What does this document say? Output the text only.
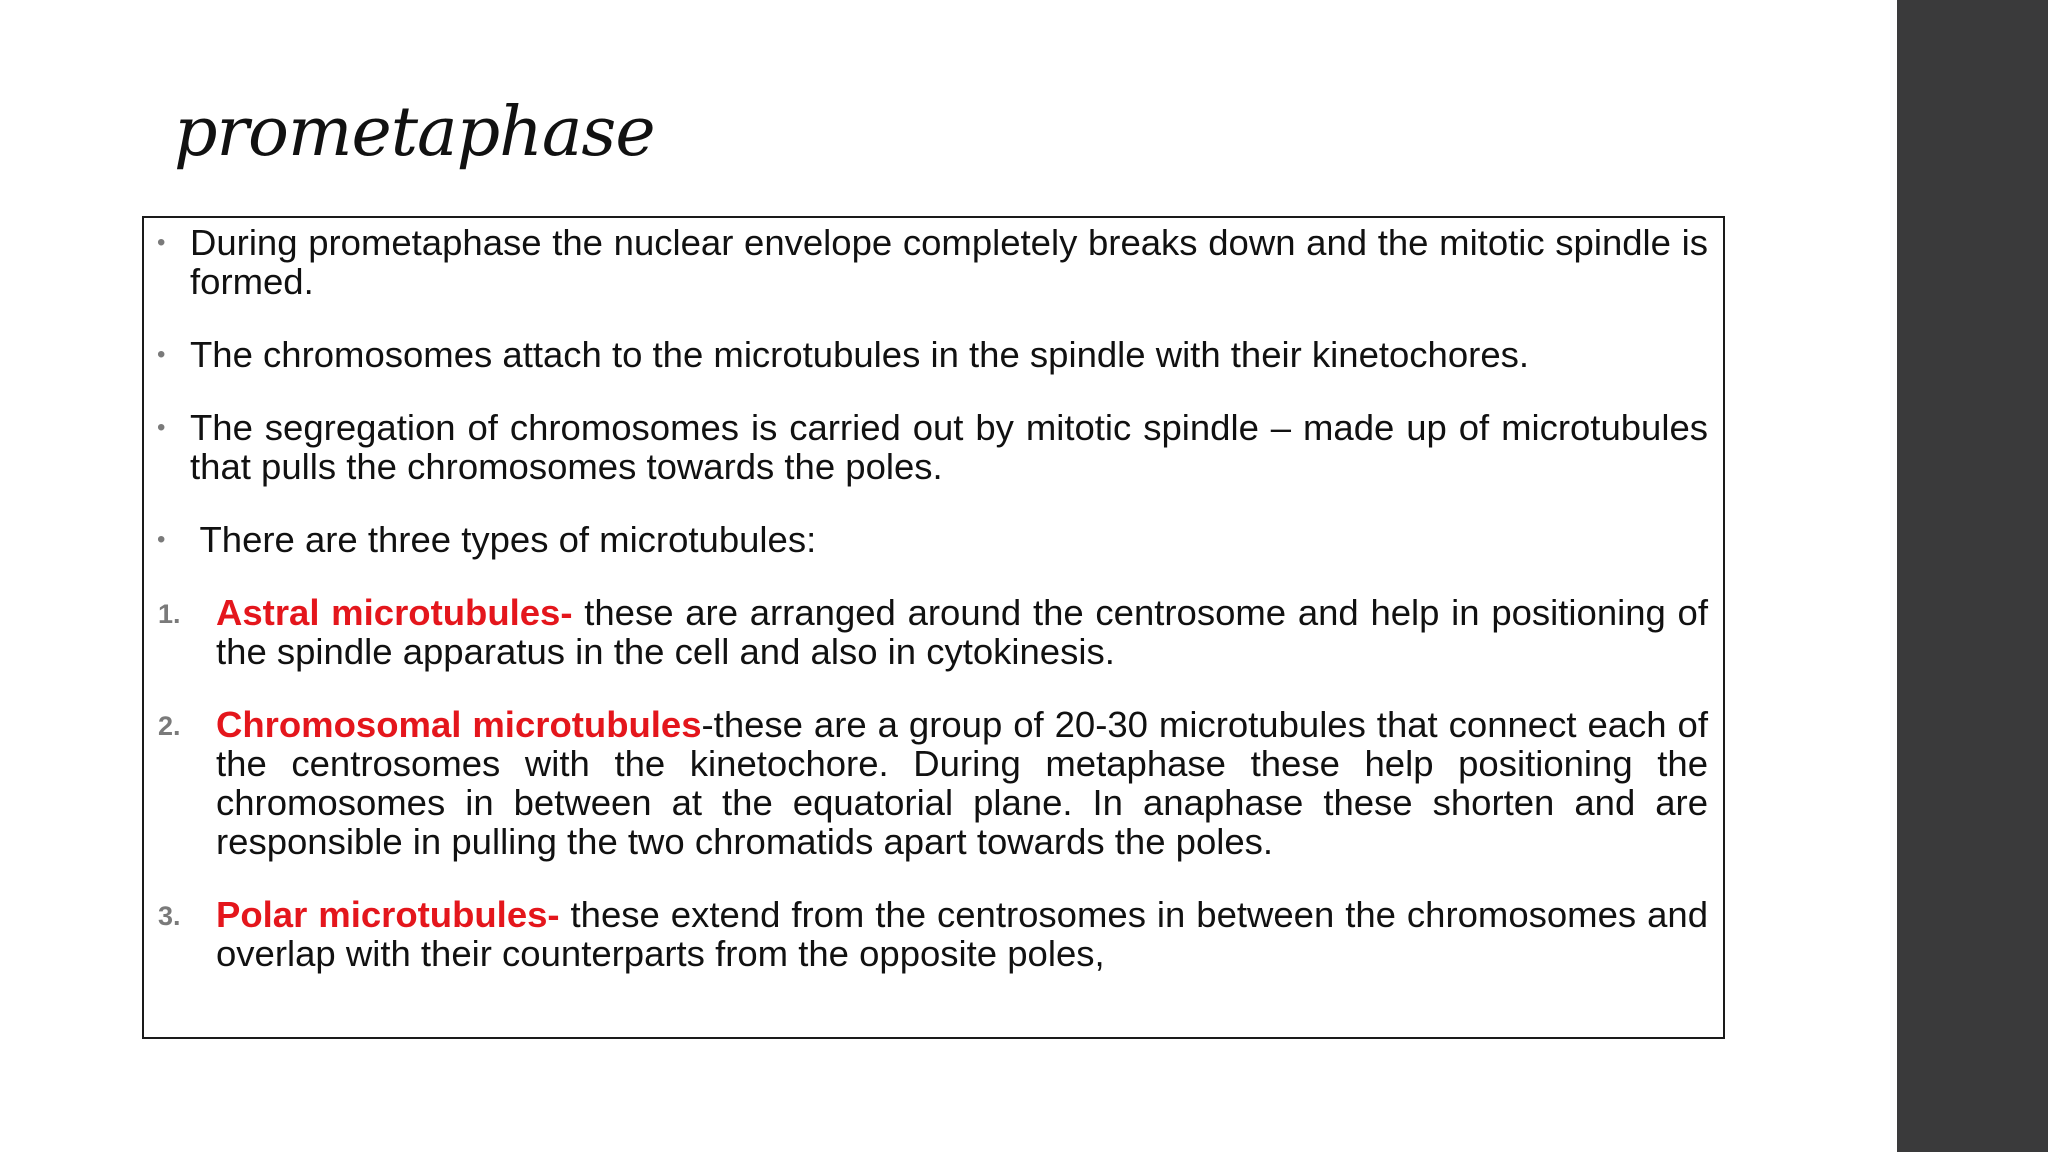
prometaphase
• During prometaphase the nuclear envelope completely breaks down and the mitotic spindle is formed.
• The chromosomes attach to the microtubules in the spindle with their kinetochores.
• The segregation of chromosomes is carried out by mitotic spindle – made up of microtubules that pulls the chromosomes towards the poles.
• There are three types of microtubules:
1. Astral microtubules- these are arranged around the centrosome and help in positioning of the spindle apparatus in the cell and also in cytokinesis.
2. Chromosomal microtubules-these are a group of 20-30 microtubules that connect each of the centrosomes with the kinetochore. During metaphase these help positioning the chromosomes in between at the equatorial plane. In anaphase these shorten and are responsible in pulling the two chromatids apart towards the poles.
3. Polar microtubules- these extend from the centrosomes in between the chromosomes and overlap with their counterparts from the opposite poles,
